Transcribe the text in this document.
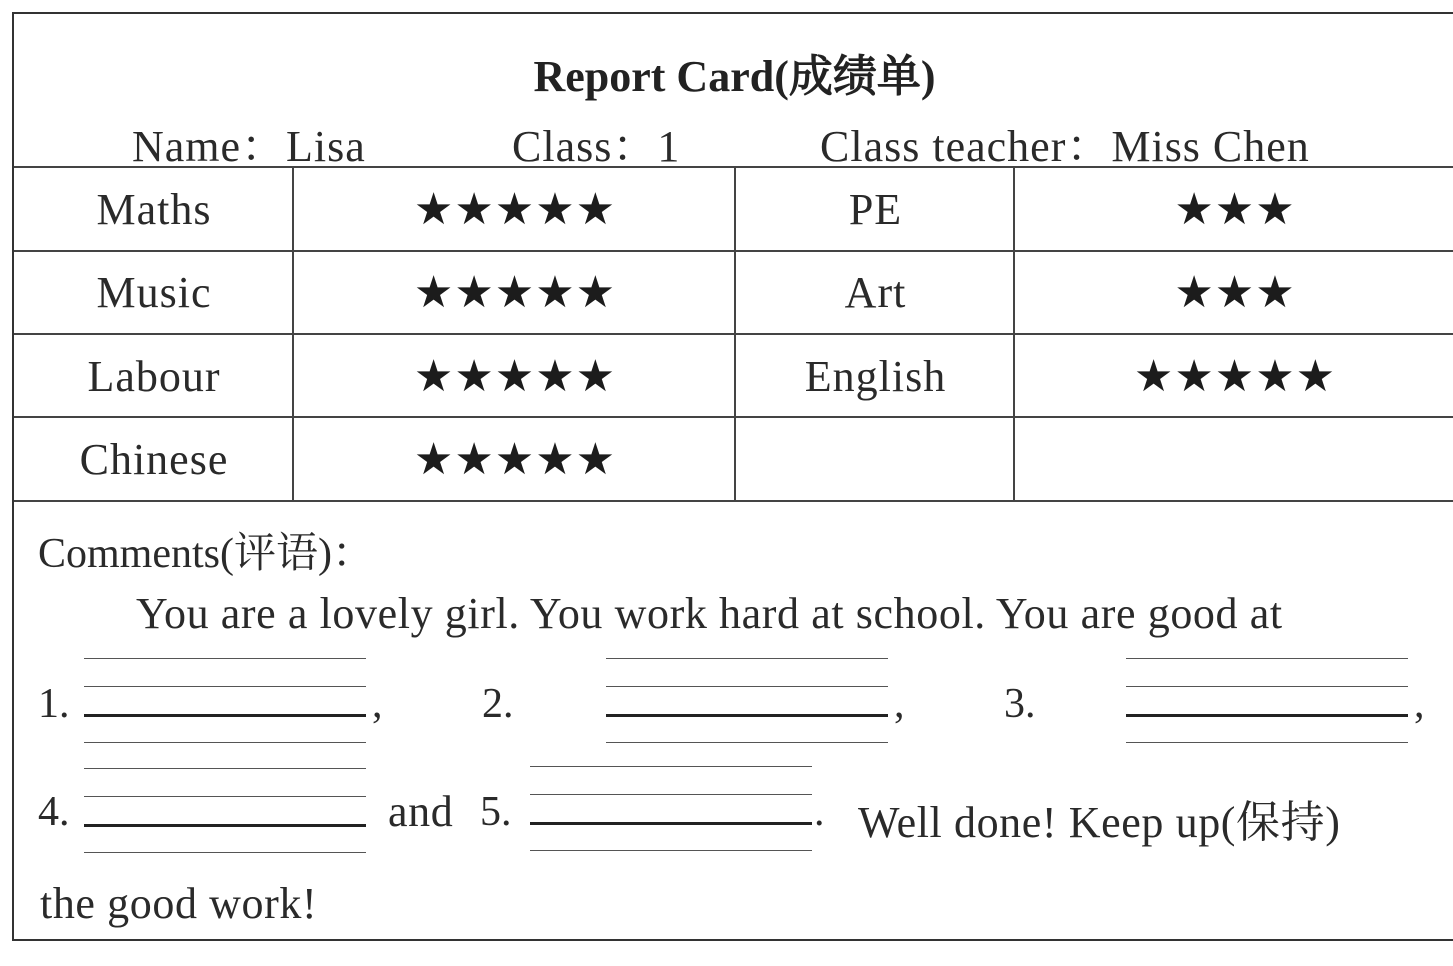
Report Card(成绩单)
Name：Lisa	Class：1	Class teacher：Miss Chen
Maths	★★★★★	PE	★★★
Music	★★★★★	Art	★★★
Labour	★★★★★	English	★★★★★
Chinese	★★★★★
Comments(评语)：
You are a lovely girl. You work hard at school. You are good at
1.	, 2.	, 3.	,
4.	and 5.	. Well done! Keep up(保持)
the good work!
